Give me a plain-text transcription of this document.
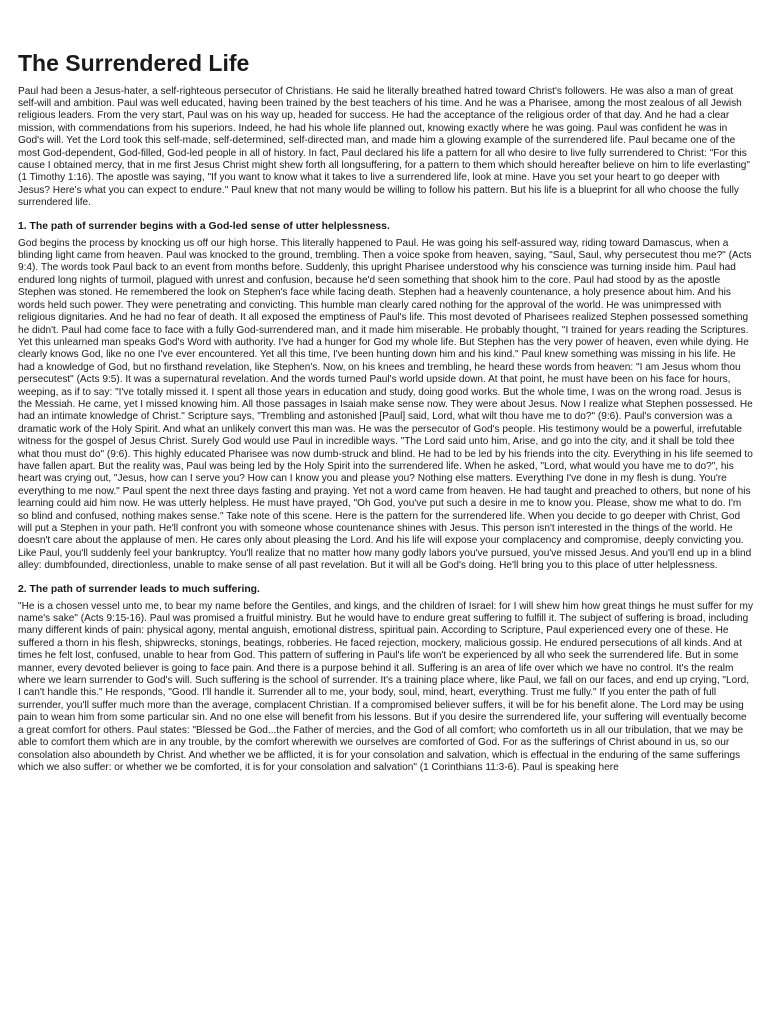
The Surrendered Life

Paul had been a Jesus-hater, a self-righteous persecutor of Christians. He said he literally breathed hatred toward Christ's followers. He was also a man of great self-will and ambition. Paul was well educated, having been trained by the best teachers of his time. And he was a Pharisee, among the most zealous of all Jewish religious leaders. From the very start, Paul was on his way up, headed for success. He had the acceptance of the religious order of that day. And he had a clear mission, with commendations from his superiors. Indeed, he had his whole life planned out, knowing exactly where he was going. Paul was confident he was in God's will. Yet the Lord took this self-made, self-determined, self-directed man, and made him a glowing example of the surrendered life. Paul became one of the most God-dependent, God-filled, God-led people in all of history. In fact, Paul declared his life a pattern for all who desire to live fully surrendered to Christ: "For this cause I obtained mercy, that in me first Jesus Christ might shew forth all longsuffering, for a pattern to them which should hereafter believe on him to life everlasting" (1 Timothy 1:16). The apostle was saying, "If you want to know what it takes to live a surrendered life, look at mine. Have you set your heart to go deeper with Jesus? Here's what you can expect to endure." Paul knew that not many would be willing to follow his pattern. But his life is a blueprint for all who choose the fully surrendered life.

1. The path of surrender begins with a God-led sense of utter helplessness.

God begins the process by knocking us off our high horse. This literally happened to Paul. He was going his self-assured way, riding toward Damascus, when a blinding light came from heaven. Paul was knocked to the ground, trembling. Then a voice spoke from heaven, saying, "Saul, Saul, why persecutest thou me?" (Acts 9:4). The words took Paul back to an event from months before. Suddenly, this upright Pharisee understood why his conscience was turning inside him. Paul had endured long nights of turmoil, plagued with unrest and confusion, because he'd seen something that shook him to the core. Paul had stood by as the apostle Stephen was stoned. He remembered the look on Stephen's face while facing death. Stephen had a heavenly countenance, a holy presence about him. And his words held such power. They were penetrating and convicting. This humble man clearly cared nothing for the approval of the world. He was unimpressed with religious dignitaries. And he had no fear of death. It all exposed the emptiness of Paul's life. This most devoted of Pharisees realized Stephen possessed something he didn't. Paul had come face to face with a fully God-surrendered man, and it made him miserable. He probably thought, "I trained for years reading the Scriptures. Yet this unlearned man speaks God's Word with authority. I've had a hunger for God my whole life. But Stephen has the very power of heaven, even while dying. He clearly knows God, like no one I've ever encountered. Yet all this time, I've been hunting down him and his kind." Paul knew something was missing in his life. He had a knowledge of God, but no firsthand revelation, like Stephen's. Now, on his knees and trembling, he heard these words from heaven: "I am Jesus whom thou persecutest" (Acts 9:5). It was a supernatural revelation. And the words turned Paul's world upside down. At that point, he must have been on his face for hours, weeping, as if to say: "I've totally missed it. I spent all those years in education and study, doing good works. But the whole time, I was on the wrong road. Jesus is the Messiah. He came, yet I missed knowing him. All those passages in Isaiah make sense now. They were about Jesus. Now I realize what Stephen possessed. He had an intimate knowledge of Christ." Scripture says, "Trembling and astonished [Paul] said, Lord, what wilt thou have me to do?" (9:6). Paul's conversion was a dramatic work of the Holy Spirit. And what an unlikely convert this man was. He was the persecutor of God's people. His testimony would be a powerful, irrefutable witness for the gospel of Jesus Christ. Surely God would use Paul in incredible ways. "The Lord said unto him, Arise, and go into the city, and it shall be told thee what thou must do" (9:6). This highly educated Pharisee was now dumb-struck and blind. He had to be led by his friends into the city. Everything in his life seemed to have fallen apart. But the reality was, Paul was being led by the Holy Spirit into the surrendered life. When he asked, "Lord, what would you have me to do?", his heart was crying out, "Jesus, how can I serve you? How can I know you and please you? Nothing else matters. Everything I've done in my flesh is dung. You're everything to me now." Paul spent the next three days fasting and praying. Yet not a word came from heaven. He had taught and preached to others, but none of his learning could aid him now. He was utterly helpless. He must have prayed, "Oh God, you've put such a desire in me to know you. Please, show me what to do. I'm so blind and confused, nothing makes sense." Take note of this scene. Here is the pattern for the surrendered life. When you decide to go deeper with Christ, God will put a Stephen in your path. He'll confront you with someone whose countenance shines with Jesus. This person isn't interested in the things of the world. He doesn't care about the applause of men. He cares only about pleasing the Lord. And his life will expose your complacency and compromise, deeply convicting you. Like Paul, you'll suddenly feel your bankruptcy. You'll realize that no matter how many godly labors you've pursued, you've missed Jesus. And you'll end up in a blind alley: dumbfounded, directionless, unable to make sense of all past revelation. But it will all be God's doing. He'll bring you to this place of utter helplessness.

2. The path of surrender leads to much suffering.

"He is a chosen vessel unto me, to bear my name before the Gentiles, and kings, and the children of Israel: for I will shew him how great things he must suffer for my name's sake" (Acts 9:15-16). Paul was promised a fruitful ministry. But he would have to endure great suffering to fulfill it. The subject of suffering is broad, including many different kinds of pain: physical agony, mental anguish, emotional distress, spiritual pain. According to Scripture, Paul experienced every one of these. He suffered a thorn in his flesh, shipwrecks, stonings, beatings, robberies. He faced rejection, mockery, malicious gossip. He endured persecutions of all kinds. And at times he felt lost, confused, unable to hear from God. This pattern of suffering in Paul's life won't be experienced by all who seek the surrendered life. But in some manner, every devoted believer is going to face pain. And there is a purpose behind it all. Suffering is an area of life over which we have no control. It's the realm where we learn surrender to God's will. Such suffering is the school of surrender. It's a training place where, like Paul, we fall on our faces, and end up crying, "Lord, I can't handle this." He responds, "Good. I'll handle it. Surrender all to me, your body, soul, mind, heart, everything. Trust me fully." If you enter the path of full surrender, you'll suffer much more than the average, complacent Christian. If a compromised believer suffers, it will be for his benefit alone. The Lord may be using pain to wean him from some particular sin. And no one else will benefit from his lessons. But if you desire the surrendered life, your suffering will eventually become a great comfort for others. Paul states: "Blessed be God...the Father of mercies, and the God of all comfort; who comforteth us in all our tribulation, that we may be able to comfort them which are in any trouble, by the comfort wherewith we ourselves are comforted of God. For as the sufferings of Christ abound in us, so our consolation also aboundeth by Christ. And whether we be afflicted, it is for your consolation and salvation, which is effectual in the enduring of the same sufferings which we also suffer: or whether we be comforted, it is for your consolation and salvation" (1 Corinthians 11:3-6). Paul is speaking here
